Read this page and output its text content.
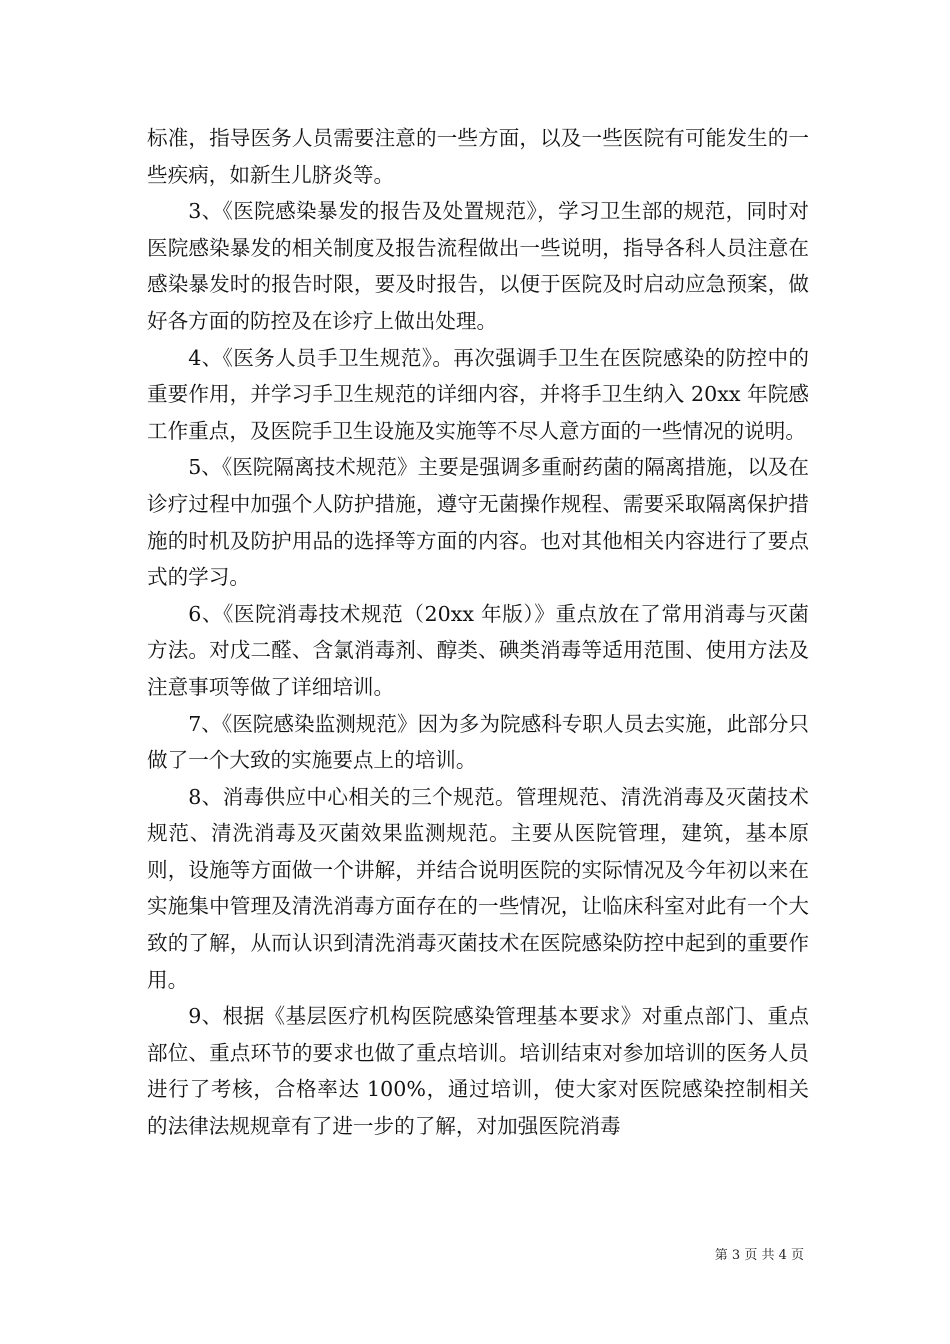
标准，指导医务人员需要注意的一些方面，以及一些医院有可能发生的一些疾病，如新生儿脐炎等。

3、《医院感染暴发的报告及处置规范》，学习卫生部的规范，同时对医院感染暴发的相关制度及报告流程做出一些说明，指导各科人员注意在感染暴发时的报告时限，要及时报告，以便于医院及时启动应急预案，做好各方面的防控及在诊疗上做出处理。

4、《医务人员手卫生规范》。再次强调手卫生在医院感染的防控中的重要作用，并学习手卫生规范的详细内容，并将手卫生纳入 20xx 年院感工作重点，及医院手卫生设施及实施等不尽人意方面的一些情况的说明。

5、《医院隔离技术规范》主要是强调多重耐药菌的隔离措施，以及在诊疗过程中加强个人防护措施，遵守无菌操作规程、需要采取隔离保护措施的时机及防护用品的选择等方面的内容。也对其他相关内容进行了要点式的学习。

6、《医院消毒技术规范（20xx 年版）》重点放在了常用消毒与灭菌方法。对戊二醛、含氯消毒剂、醇类、碘类消毒等适用范围、使用方法及注意事项等做了详细培训。

7、《医院感染监测规范》因为多为院感科专职人员去实施，此部分只做了一个大致的实施要点上的培训。

8、消毒供应中心相关的三个规范。管理规范、清洗消毒及灭菌技术规范、清洗消毒及灭菌效果监测规范。主要从医院管理，建筑，基本原则，设施等方面做一个讲解，并结合说明医院的实际情况及今年初以来在实施集中管理及清洗消毒方面存在的一些情况，让临床科室对此有一个大致的了解，从而认识到清洗消毒灭菌技术在医院感染防控中起到的重要作用。

9、根据《基层医疗机构医院感染管理基本要求》对重点部门、重点部位、重点环节的要求也做了重点培训。培训结束对参加培训的医务人员进行了考核，合格率达 100%，通过培训，使大家对医院感染控制相关的法律法规规章有了进一步的了解，对加强医院消毒

第 3 页 共 4 页
